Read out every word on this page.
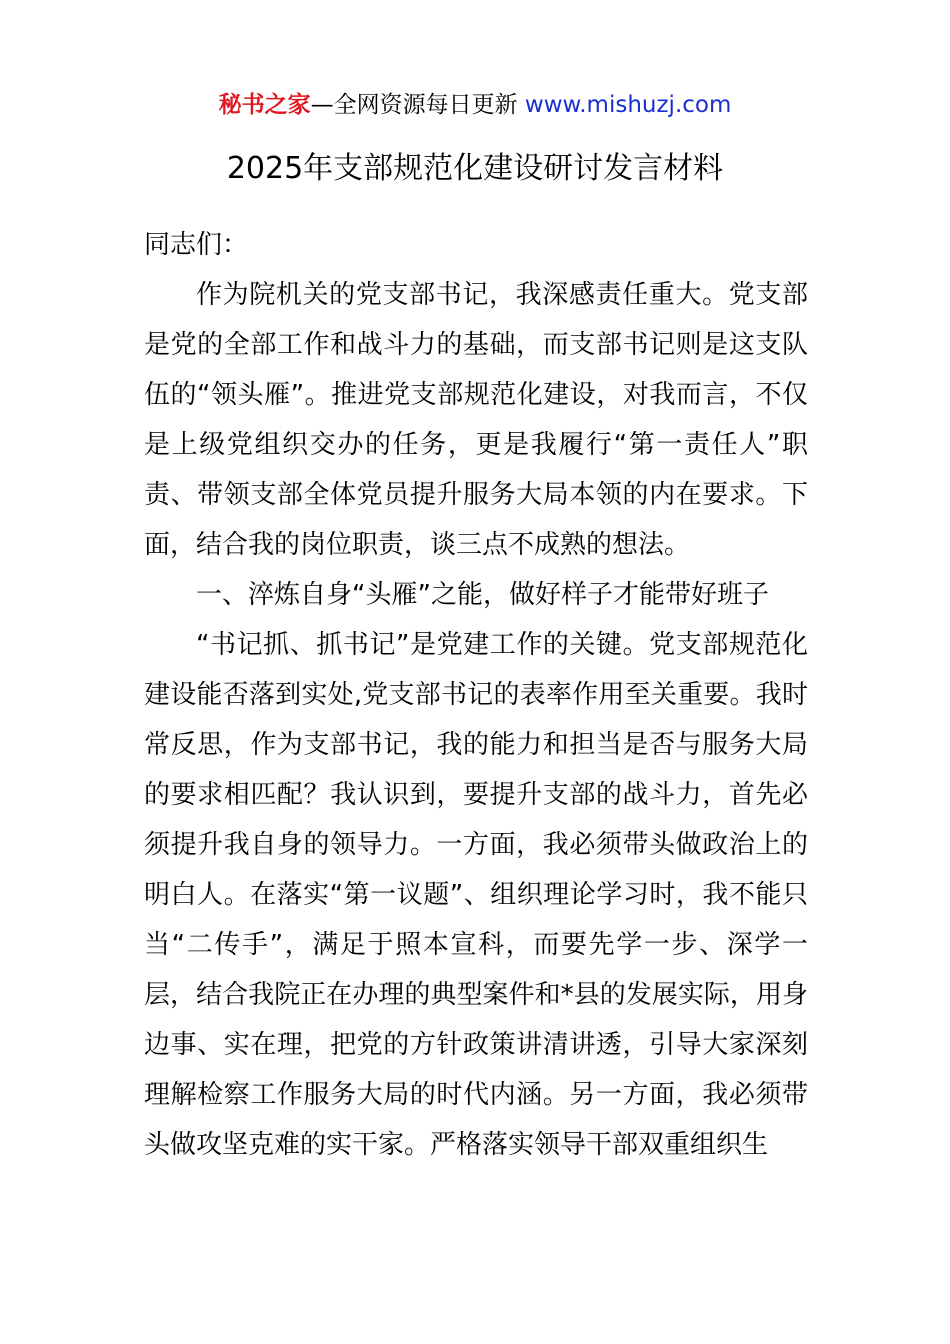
秘书之家—全网资源每日更新 www.mishuzj.com
2025年支部规范化建设研讨发言材料

同志们：

作为院机关的党支部书记，我深感责任重大。党支部是党的全部工作和战斗力的基础，而支部书记则是这支队伍的“领头雁”。推进党支部规范化建设，对我而言，不仅是上级党组织交办的任务，更是我履行“第一责任人”职责、带领支部全体党员提升服务大局本领的内在要求。下面，结合我的岗位职责，谈三点不成熟的想法。

一、淬炼自身“头雁”之能，做好样子才能带好班子

“书记抓、抓书记”是党建工作的关键。党支部规范化建设能否落到实处,党支部书记的表率作用至关重要。我时常反思，作为支部书记，我的能力和担当是否与服务大局的要求相匹配？我认识到，要提升支部的战斗力，首先必须提升我自身的领导力。一方面，我必须带头做政治上的明白人。在落实“第一议题”、组织理论学习时，我不能只当“二传手”，满足于照本宣科，而要先学一步、深学一层，结合我院正在办理的典型案件和*县的发展实际，用身边事、实在理，把党的方针政策讲清讲透，引导大家深刻理解检察工作服务大局的时代内涵。另一方面，我必须带头做攻坚克难的实干家。严格落实领导干部双重组织生
